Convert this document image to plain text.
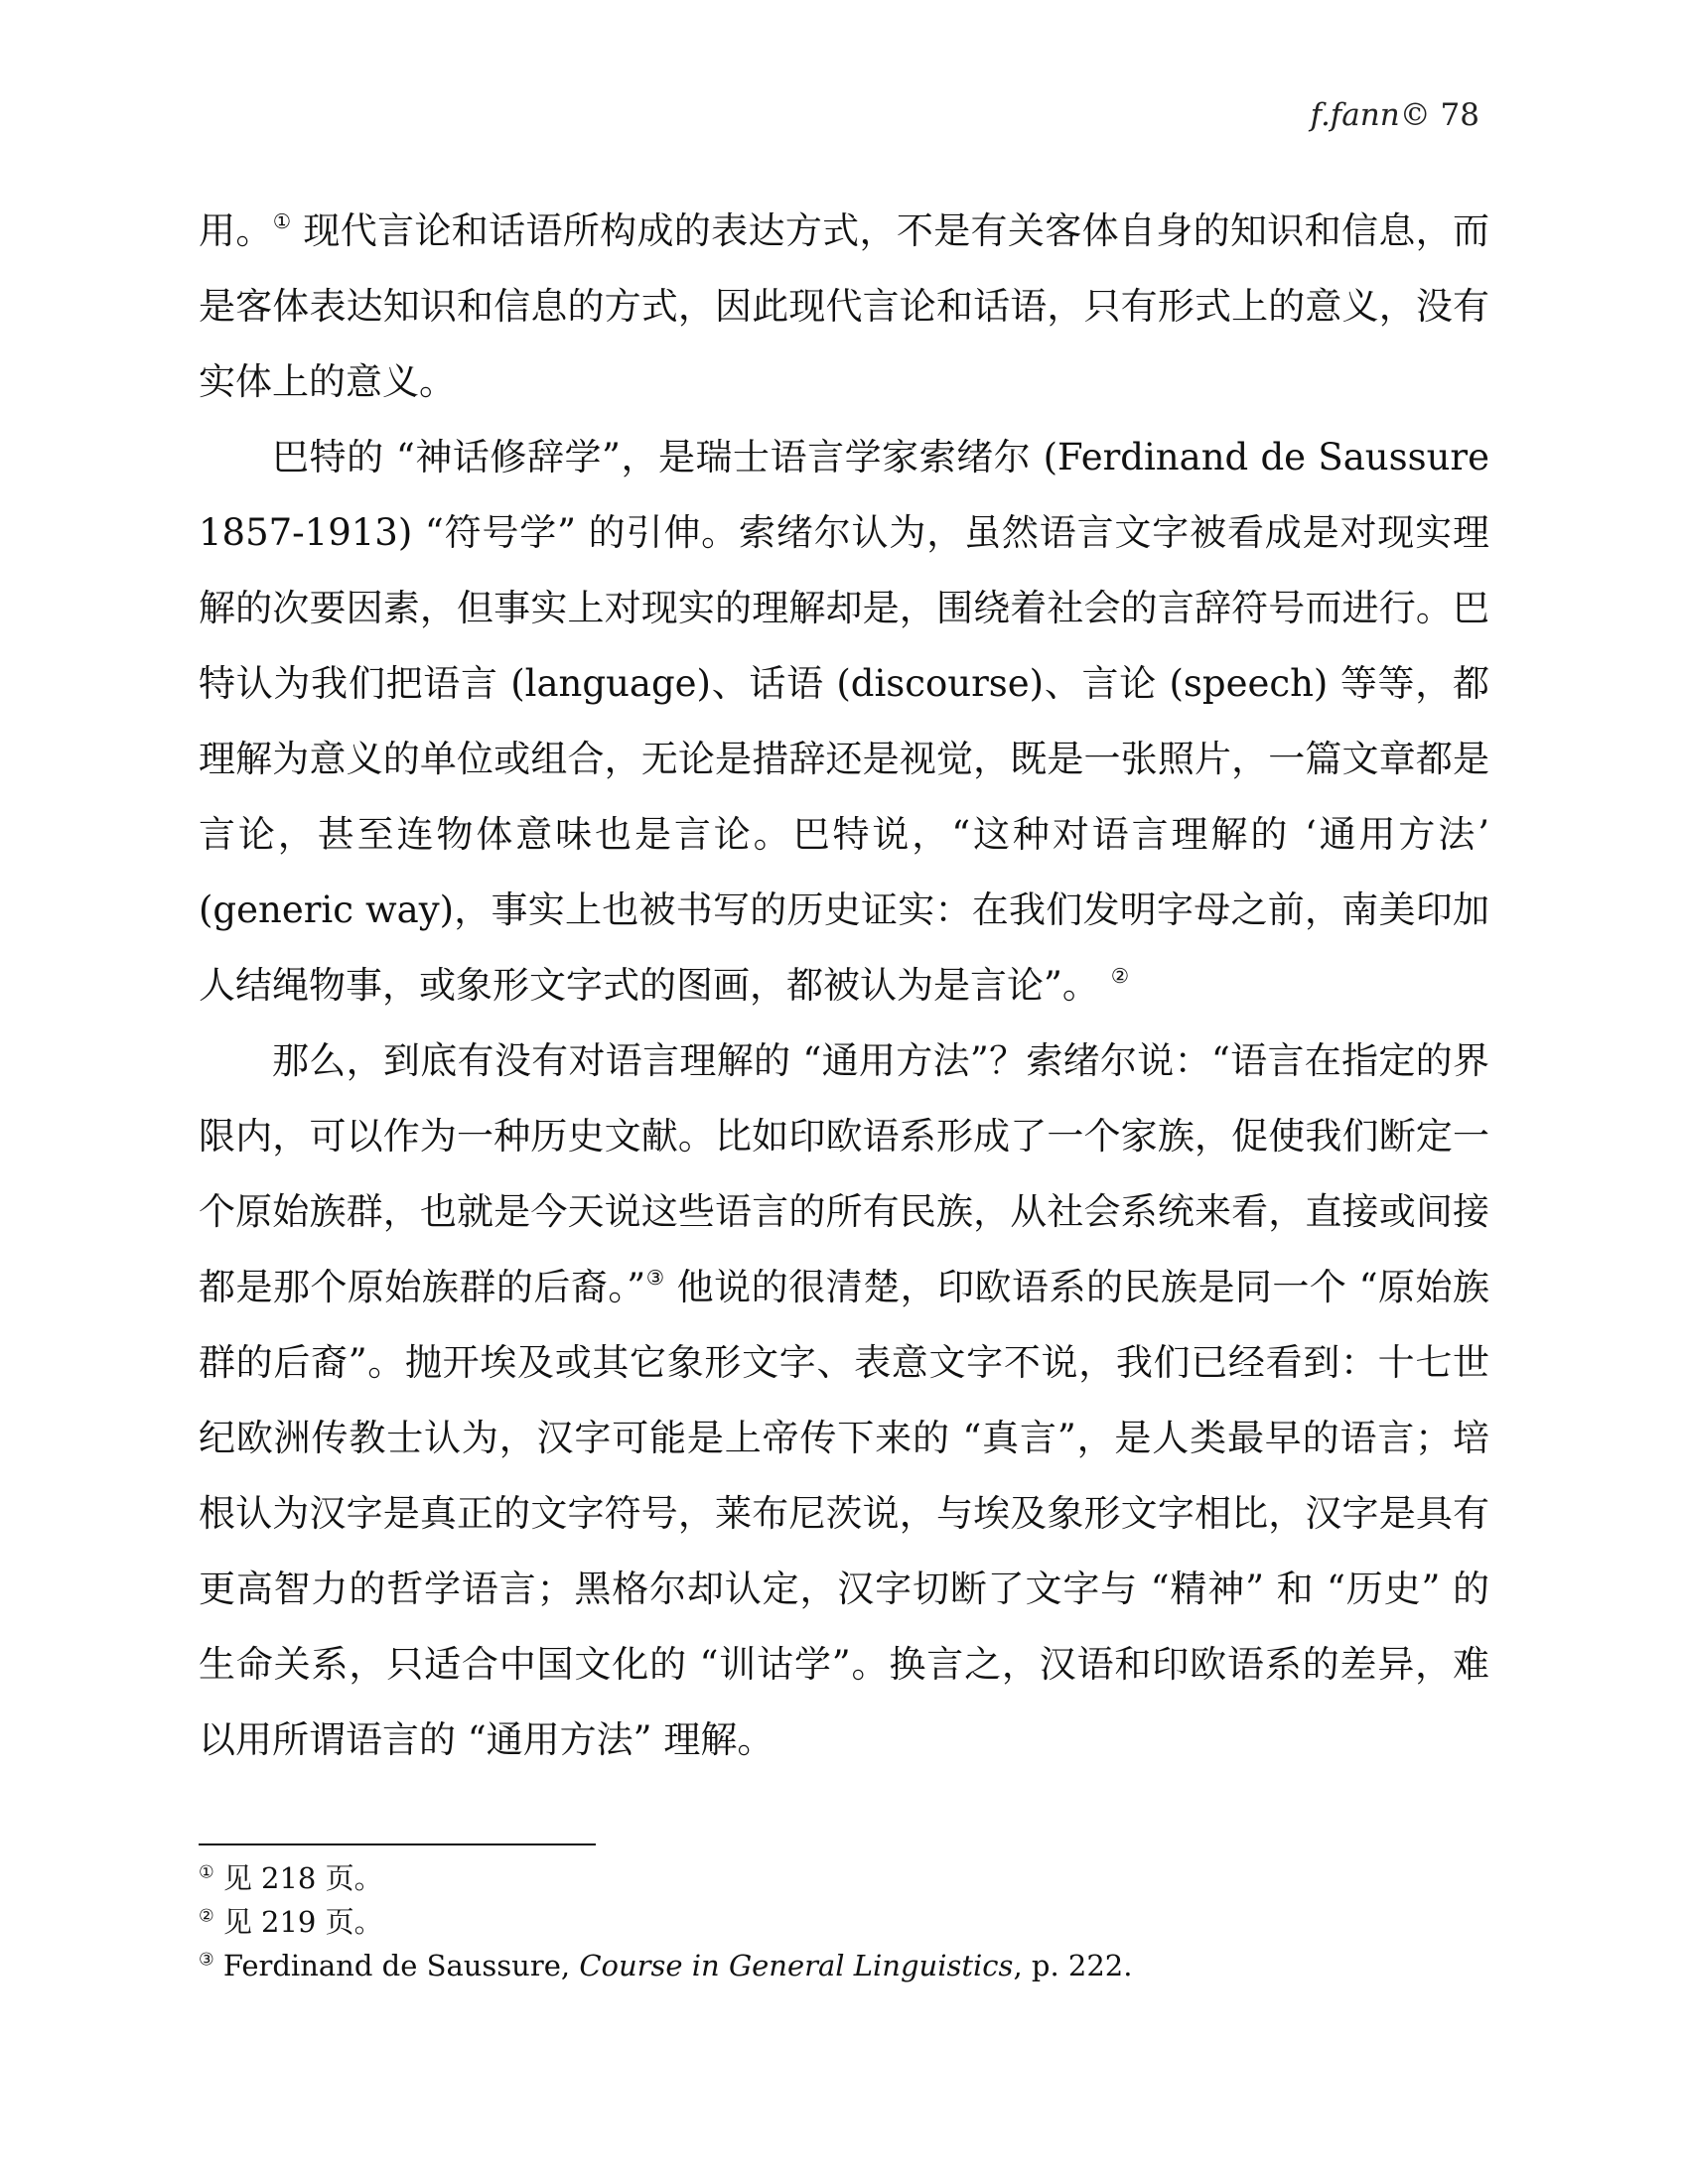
f.fann© 78

用。① 现代言论和话语所构成的表达方式，不是有关客体自身的知识和信息，而是客体表达知识和信息的方式，因此现代言论和话语，只有形式上的意义，没有实体上的意义。

巴特的 “神话修辞学”，是瑞士语言学家索绪尔 (Ferdinand de Saussure 1857-1913) “符号学” 的引伸。索绪尔认为，虽然语言文字被看成是对现实理解的次要因素，但事实上对现实的理解却是，围绕着社会的言辞符号而进行。巴特认为我们把语言 (language)、话语 (discourse)、言论 (speech) 等等，都理解为意义的单位或组合，无论是措辞还是视觉，既是一张照片，一篇文章都是言论，甚至连物体意味也是言论。巴特说，“这种对语言理解的 ‘通用方法’ (generic way)，事实上也被书写的历史证实：在我们发明字母之前，南美印加人结绳物事，或象形文字式的图画，都被认为是言论”。 ②

那么，到底有没有对语言理解的 “通用方法”？索绪尔说：“语言在指定的界限内，可以作为一种历史文献。比如印欧语系形成了一个家族，促使我们断定一个原始族群，也就是今天说这些语言的所有民族，从社会系统来看，直接或间接都是那个原始族群的后裔。”③ 他说的很清楚，印欧语系的民族是同一个 “原始族群的后裔”。抛开埃及或其它象形文字、表意文字不说，我们已经看到：十七世纪欧洲传教士认为，汉字可能是上帝传下来的 “真言”，是人类最早的语言；培根认为汉字是真正的文字符号，莱布尼茨说，与埃及象形文字相比，汉字是具有更高智力的哲学语言；黑格尔却认定，汉字切断了文字与 “精神” 和 “历史” 的生命关系，只适合中国文化的 “训诂学”。换言之，汉语和印欧语系的差异，难以用所谓语言的 “通用方法” 理解。

① 见 218 页。

② 见 219 页。

③ Ferdinand de Saussure, Course in General Linguistics, p. 222.
